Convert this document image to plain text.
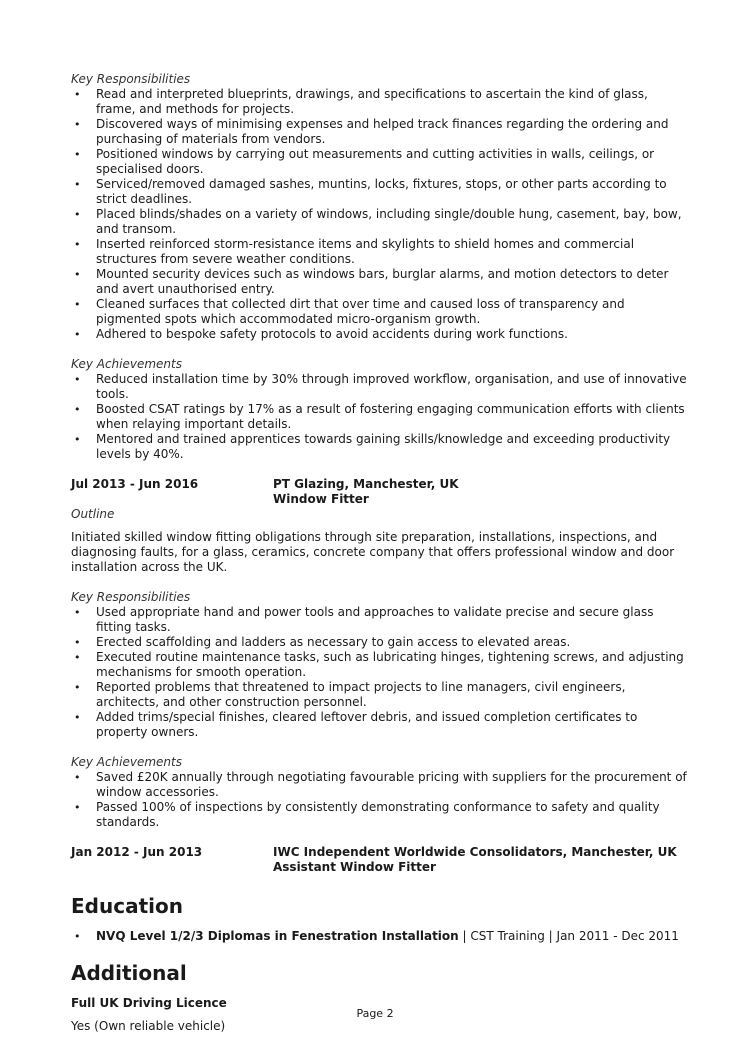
Key Responsibilities

• Read and interpreted blueprints, drawings, and specifications to ascertain the kind of glass, frame, and methods for projects.
• Discovered ways of minimising expenses and helped track finances regarding the ordering and purchasing of materials from vendors.
• Positioned windows by carrying out measurements and cutting activities in walls, ceilings, or specialised doors.
• Serviced/removed damaged sashes, muntins, locks, fixtures, stops, or other parts according to strict deadlines.
• Placed blinds/shades on a variety of windows, including single/double hung, casement, bay, bow, and transom.
• Inserted reinforced storm-resistance items and skylights to shield homes and commercial structures from severe weather conditions.
• Mounted security devices such as windows bars, burglar alarms, and motion detectors to deter and avert unauthorised entry.
• Cleaned surfaces that collected dirt that over time and caused loss of transparency and pigmented spots which accommodated micro-organism growth.
• Adhered to bespoke safety protocols to avoid accidents during work functions.

Key Achievements

• Reduced installation time by 30% through improved workflow, organisation, and use of innovative tools.
• Boosted CSAT ratings by 17% as a result of fostering engaging communication efforts with clients when relaying important details.
• Mentored and trained apprentices towards gaining skills/knowledge and exceeding productivity levels by 40%.
Jul 2013 - Jun 2016	PT Glazing, Manchester, UK
Window Fitter

Outline

Initiated skilled window fitting obligations through site preparation, installations, inspections, and diagnosing faults, for a glass, ceramics, concrete company that offers professional window and door installation across the UK.

Key Responsibilities

• Used appropriate hand and power tools and approaches to validate precise and secure glass fitting tasks.
• Erected scaffolding and ladders as necessary to gain access to elevated areas.
• Executed routine maintenance tasks, such as lubricating hinges, tightening screws, and adjusting mechanisms for smooth operation.
• Reported problems that threatened to impact projects to line managers, civil engineers, architects, and other construction personnel.
• Added trims/special finishes, cleared leftover debris, and issued completion certificates to property owners.

Key Achievements

• Saved £20K annually through negotiating favourable pricing with suppliers for the procurement of window accessories.
• Passed 100% of inspections by consistently demonstrating conformance to safety and quality standards.
Jan 2012 - Jun 2013	IWC Independent Worldwide Consolidators, Manchester, UK
Assistant Window Fitter
Education
• NVQ Level 1/2/3 Diplomas in Fenestration Installation | CST Training | Jan 2011 - Dec 2011
Additional

Full UK Driving Licence

Yes (Own reliable vehicle)

Page 2
